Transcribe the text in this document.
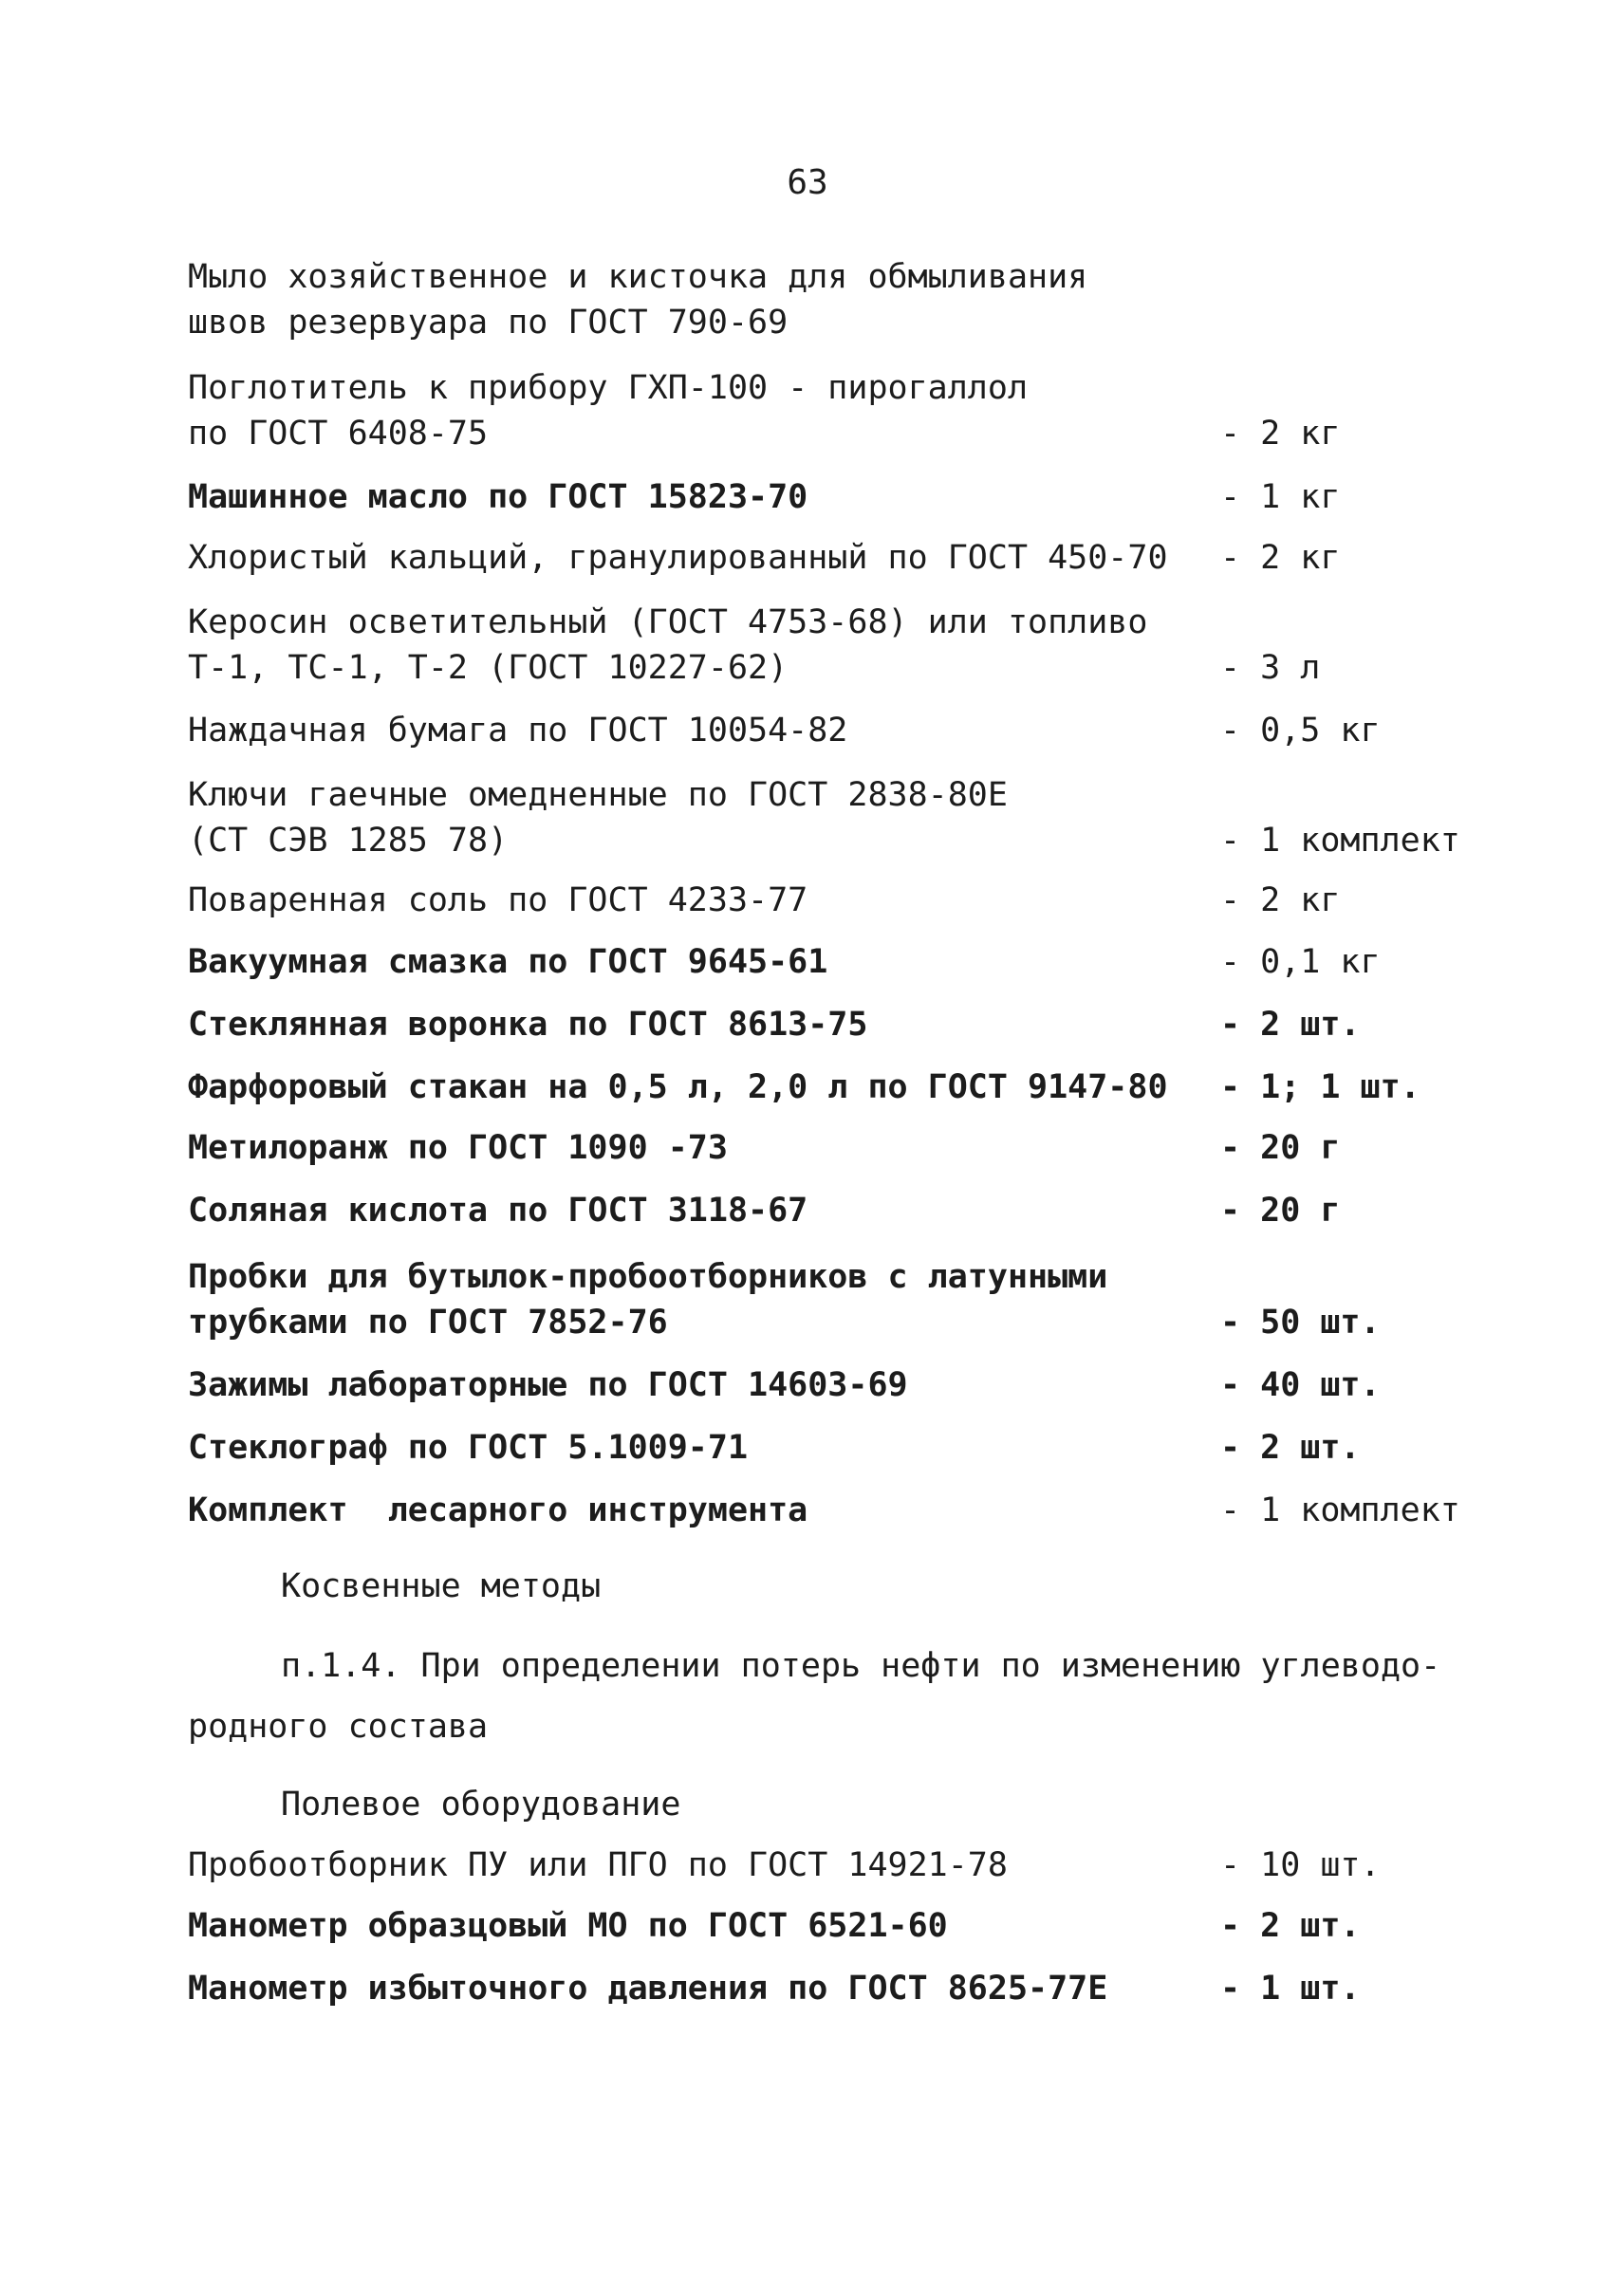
63
Мыло хозяйственное и кисточка для обмыливания
швов резервуара по ГОСТ 790-69
Поглотитель к прибору ГХП-100 - пирогаллол
по ГОСТ 6408-75	- 2 кг
Машинное масло по ГОСТ 15823-70	- 1 кг
Хлористый кальций, гранулированный по ГОСТ 450-70 - 2 кг
Керосин осветительный (ГОСТ 4753-68) или топливо
Т-1, ТС-1, Т-2 (ГОСТ 10227-62)	- 3 л
Наждачная бумага по ГОСТ 10054-82	- 0,5 кг
Ключи гаечные омедненные по ГОСТ 2838-80Е
(СТ СЭВ 1285 78)	- 1 комплект
Поваренная соль по ГОСТ 4233-77	- 2 кг
Вакуумная смазка по ГОСТ 9645-61	- 0,1 кг
Стеклянная воронка по ГОСТ 8613-75	- 2 шт.
Фарфоровый стакан на 0,5 л, 2,0 л по ГОСТ 9147-80 - 1; 1 шт.
Метилоранж по ГОСТ 1090 -73	- 20 г
Соляная кислота по ГОСТ 3118-67	- 20 г
Пробки для бутылок-пробоотборников с латунными
трубками по ГОСТ 7852-76	- 50 шт.
Зажимы лабораторные по ГОСТ 14603-69	- 40 шт.
Стеклограф по ГОСТ 5.1009-71	- 2 шт.
Комплект  лесарного инструмента	- 1 комплект
Косвенные методы
п.1.4. При определении потерь нефти по изменению углеводо-
родного состава
Полевое оборудование
Пробоотборник ПУ или ПГО по ГОСТ 14921-78	- 10 шт.
Манометр образцовый МО по ГОСТ 6521-60	- 2 шт.
Манометр избыточного давления по ГОСТ 8625-77Е	- 1 шт.
